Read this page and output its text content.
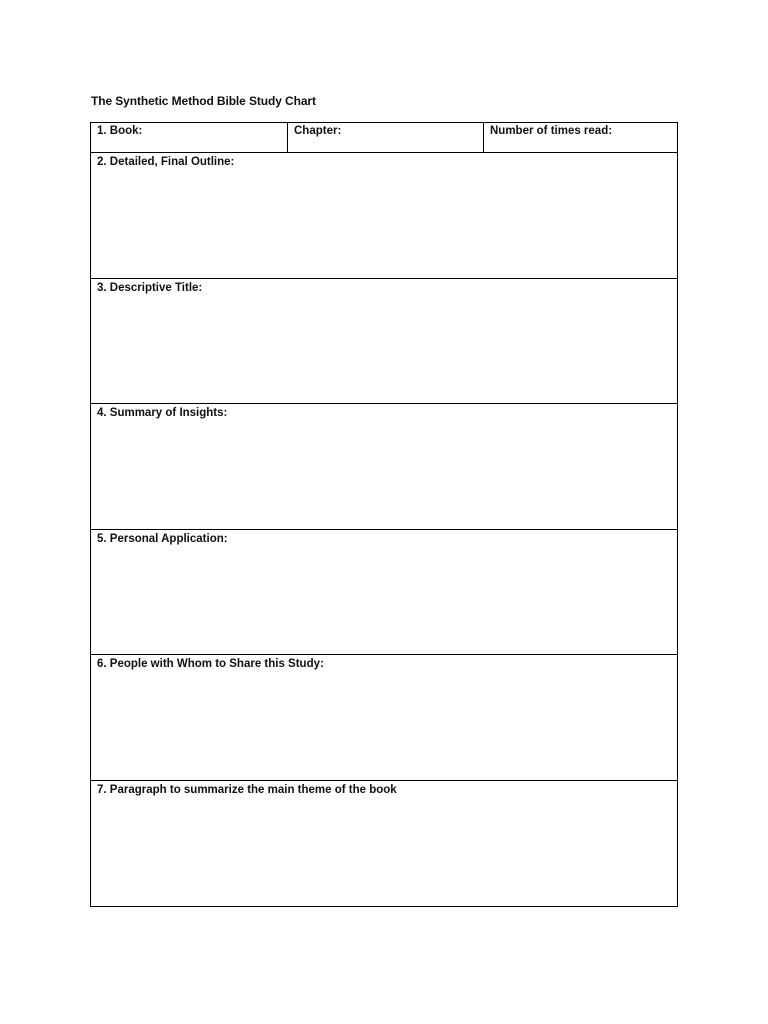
The Synthetic Method Bible Study Chart
1. Book:	Chapter:	Number of times read:
2. Detailed, Final Outline:
3. Descriptive Title:
4. Summary of Insights:
5. Personal Application:
6. People with Whom to Share this Study:
7. Paragraph to summarize the main theme of the book
